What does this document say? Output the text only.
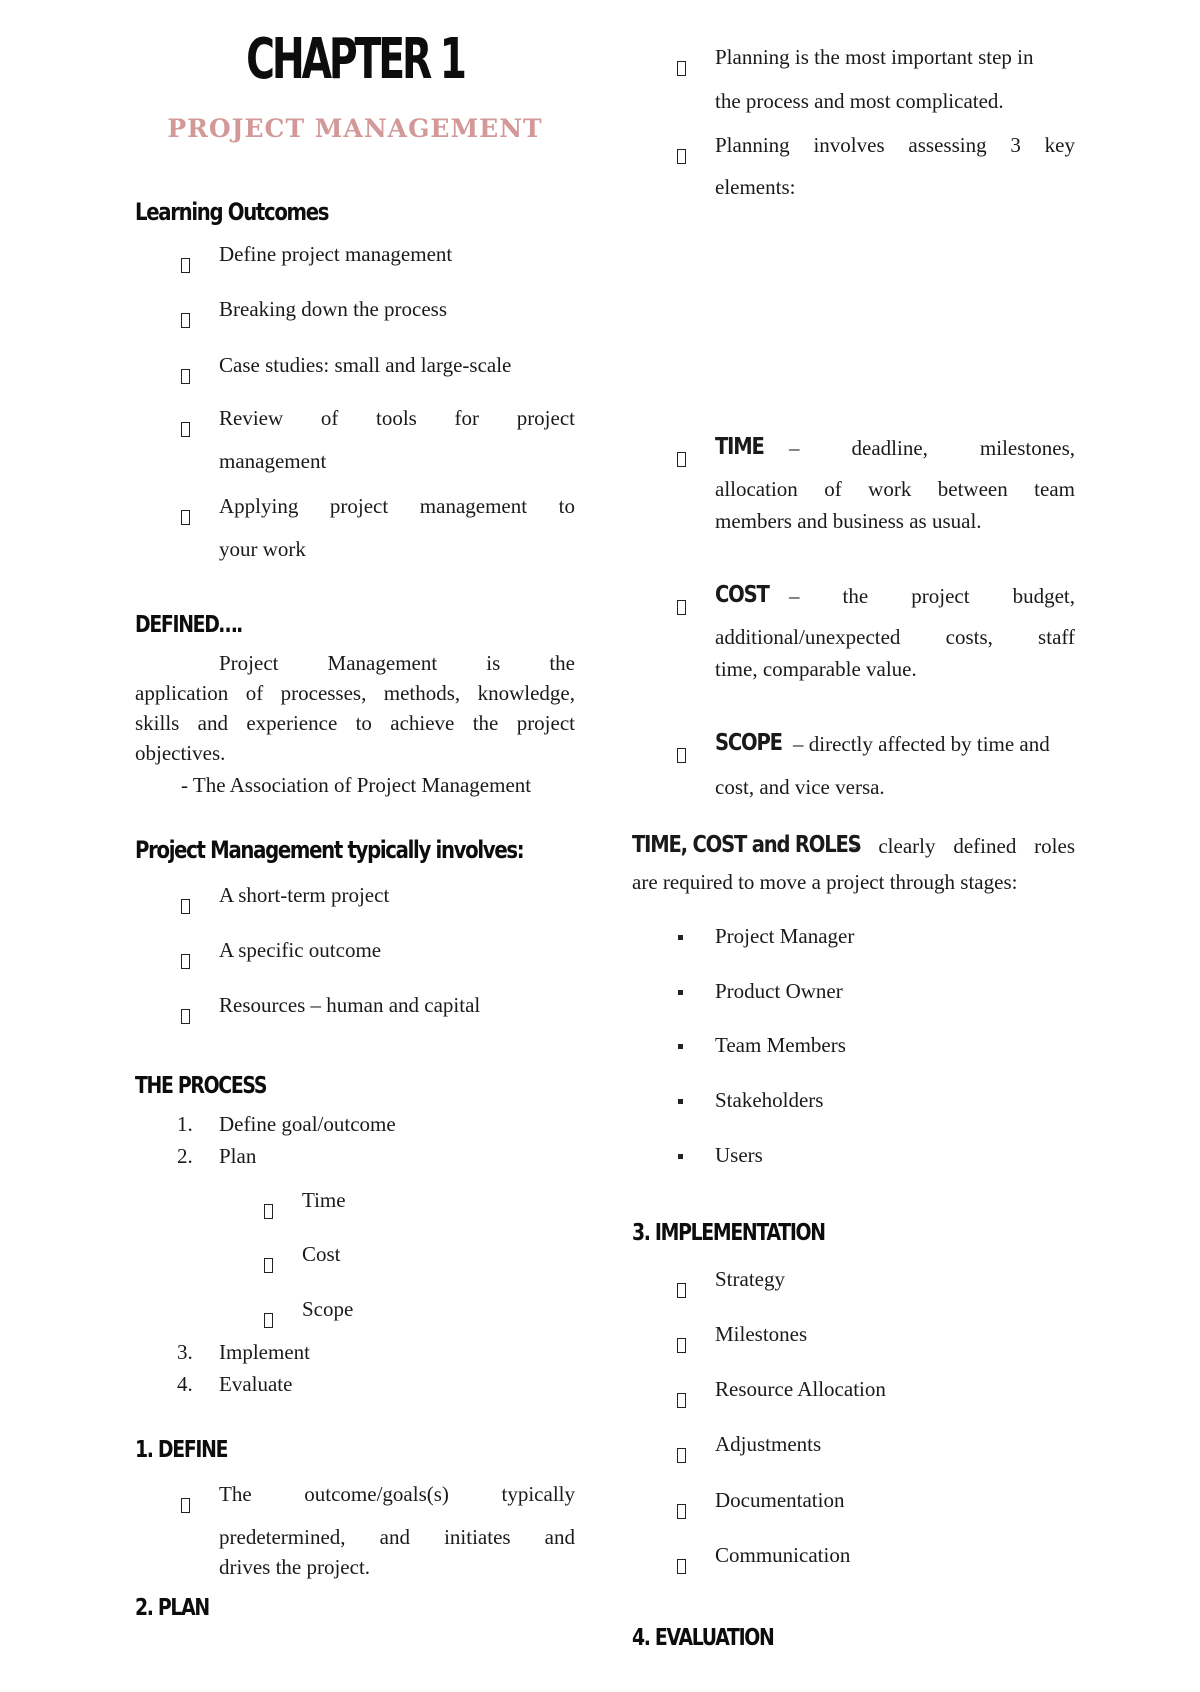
CHAPTER 1
PROJECT MANAGEMENT
Learning Outcomes
Define project management
Breaking down the process
Case studies: small and large-scale
Review of tools for project
management
Applying project management to
your work
DEFINED….
Project Management is the
application of processes, methods, knowledge,
skills and experience to achieve the project
objectives.
- The Association of Project Management
Project Management typically involves:
A short-term project
A specific outcome
Resources – human and capital
THE PROCESS
1. Define goal/outcome
2. Plan
Time
Cost
Scope
3. Implement
4. Evaluate
1. DEFINE
The outcome/goals(s) typically
predetermined, and initiates and
drives the project.
2. PLAN
Planning is the most important step in
the process and most complicated.
Planning involves assessing 3 key
elements:
TIME	– deadline, milestones,
allocation of work between team
members and business as usual.
COST – the project budget,
additional/unexpected costs, staff
time, comparable value.
SCOPE – directly affected by time and
cost, and vice versa.
TIME, COST and ROLES
– clearly defined roles
are required to move a project through stages:
Project Manager
Product Owner
Team Members
Stakeholders
Users
3. IMPLEMENTATION
Strategy
Milestones
Resource Allocation
Adjustments
Documentation
Communication
4. EVALUATION
